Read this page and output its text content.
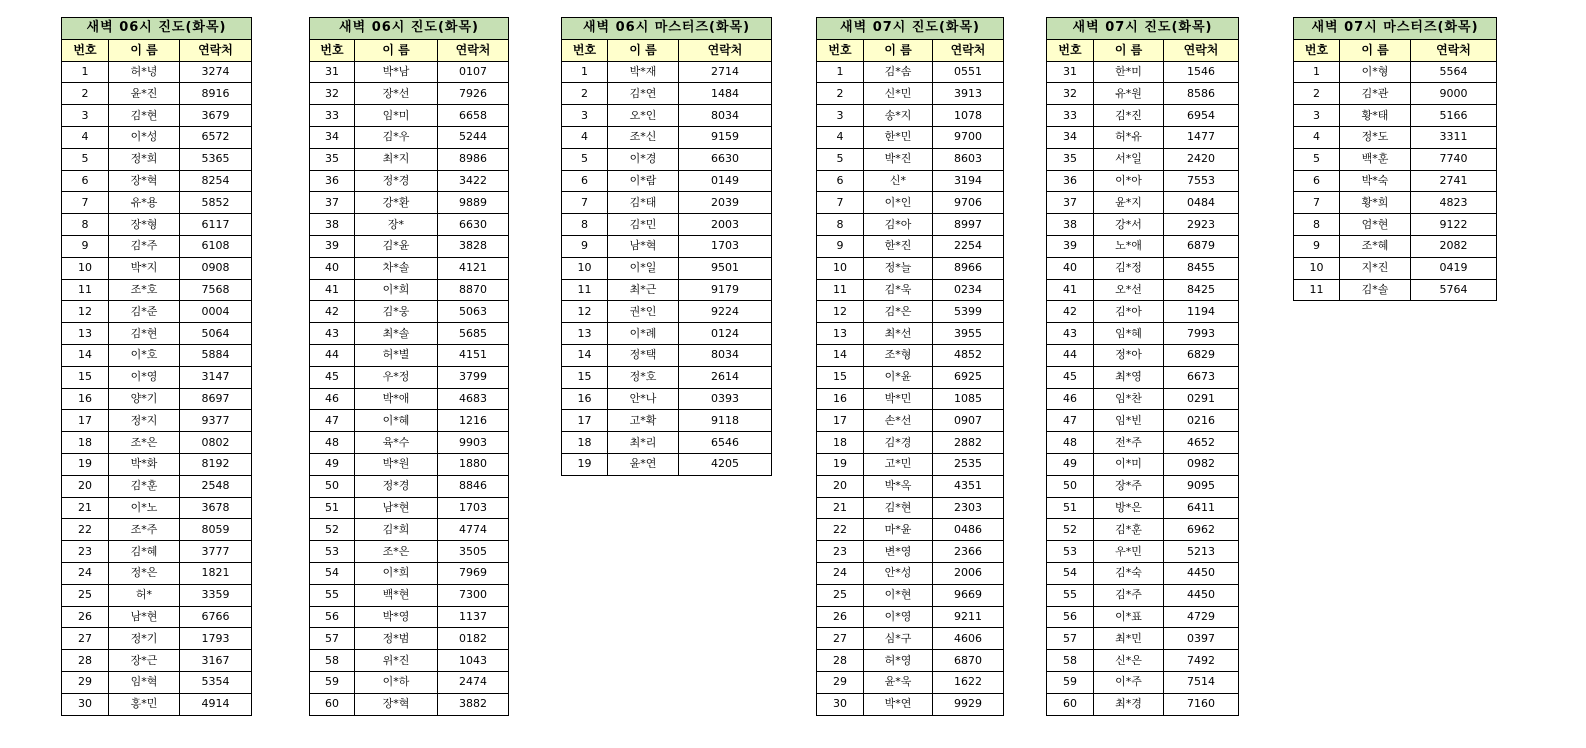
새벽 06시 진도(화목)		
번호	이 름	연락처
1	허*녕	3274
2	윤*진	8916
3	김*현	3679
4	이*성	6572
5	정*희	5365
6	장*혁	8254
7	유*용	5852
8	장*형	6117
9	김*주	6108
10	박*지	0908
11	조*호	7568
12	김*준	0004
13	김*현	5064
14	이*호	5884
15	이*영	3147
16	양*기	8697
17	정*지	9377
18	조*은	0802
19	박*화	8192
20	김*훈	2548
21	이*노	3678
22	조*주	8059
23	김*혜	3777
24	정*은	1821
25	허*	3359
26	남*현	6766
27	정*기	1793
28	장*근	3167
29	임*혁	5354
30	홍*민	4914
새벽 06시 진도(화목)		
번호	이 름	연락처
31	박*남	0107
32	장*선	7926
33	임*미	6658
34	김*우	5244
35	최*지	8986
36	정*경	3422
37	강*환	9889
38	장*	6630
39	김*윤	3828
40	차*솔	4121
41	이*희	8870
42	김*웅	5063
43	최*솔	5685
44	허*별	4151
45	우*정	3799
46	박*애	4683
47	이*혜	1216
48	육*수	9903
49	박*원	1880
50	정*경	8846
51	남*현	1703
52	김*희	4774
53	조*은	3505
54	이*희	7969
55	백*현	7300
56	박*영	1137
57	정*범	0182
58	위*진	1043
59	이*하	2474
60	장*혁	3882
새벽 06시 마스터즈(화목)		
번호	이 름	연락처
1	박*재	2714
2	김*연	1484
3	오*인	8034
4	조*신	9159
5	이*경	6630
6	이*람	0149
7	김*태	2039
8	김*민	2003
9	남*혁	1703
10	이*일	9501
11	최*근	9179
12	권*인	9224
13	이*례	0124
14	정*택	8034
15	정*호	2614
16	안*나	0393
17	고*확	9118
18	최*리	6546
19	윤*연	4205
새벽 07시 진도(화목)		
번호	이 름	연락처
1	김*솜	0551
2	신*민	3913
3	송*지	1078
4	한*민	9700
5	박*진	8603
6	신*	3194
7	이*인	9706
8	김*아	8997
9	한*진	2254
10	정*늘	8966
11	김*욱	0234
12	김*은	5399
13	최*선	3955
14	조*형	4852
15	이*윤	6925
16	박*민	1085
17	손*선	0907
18	김*경	2882
19	고*민	2535
20	박*옥	4351
21	김*현	2303
22	마*윤	0486
23	변*영	2366
24	안*성	2006
25	이*현	9669
26	이*영	9211
27	심*구	4606
28	허*영	6870
29	윤*욱	1622
30	박*연	9929
새벽 07시 진도(화목)		
번호	이 름	연락처
31	한*미	1546
32	유*원	8586
33	김*진	6954
34	허*유	1477
35	서*일	2420
36	이*아	7553
37	윤*지	0484
38	강*서	2923
39	노*애	6879
40	김*정	8455
41	오*선	8425
42	김*아	1194
43	임*혜	7993
44	정*아	6829
45	최*영	6673
46	임*찬	0291
47	임*빈	0216
48	전*주	4652
49	이*미	0982
50	장*주	9095
51	방*은	6411
52	김*훈	6962
53	우*민	5213
54	김*숙	4450
55	김*주	4450
56	이*표	4729
57	최*민	0397
58	신*은	7492
59	이*주	7514
60	최*경	7160
새벽 07시 마스터즈(화목)		
번호	이 름	연락처
1	이*형	5564
2	김*관	9000
3	황*태	5166
4	정*도	3311
5	백*훈	7740
6	박*숙	2741
7	황*희	4823
8	엄*현	9122
9	조*혜	2082
10	지*진	0419
11	김*솔	5764
